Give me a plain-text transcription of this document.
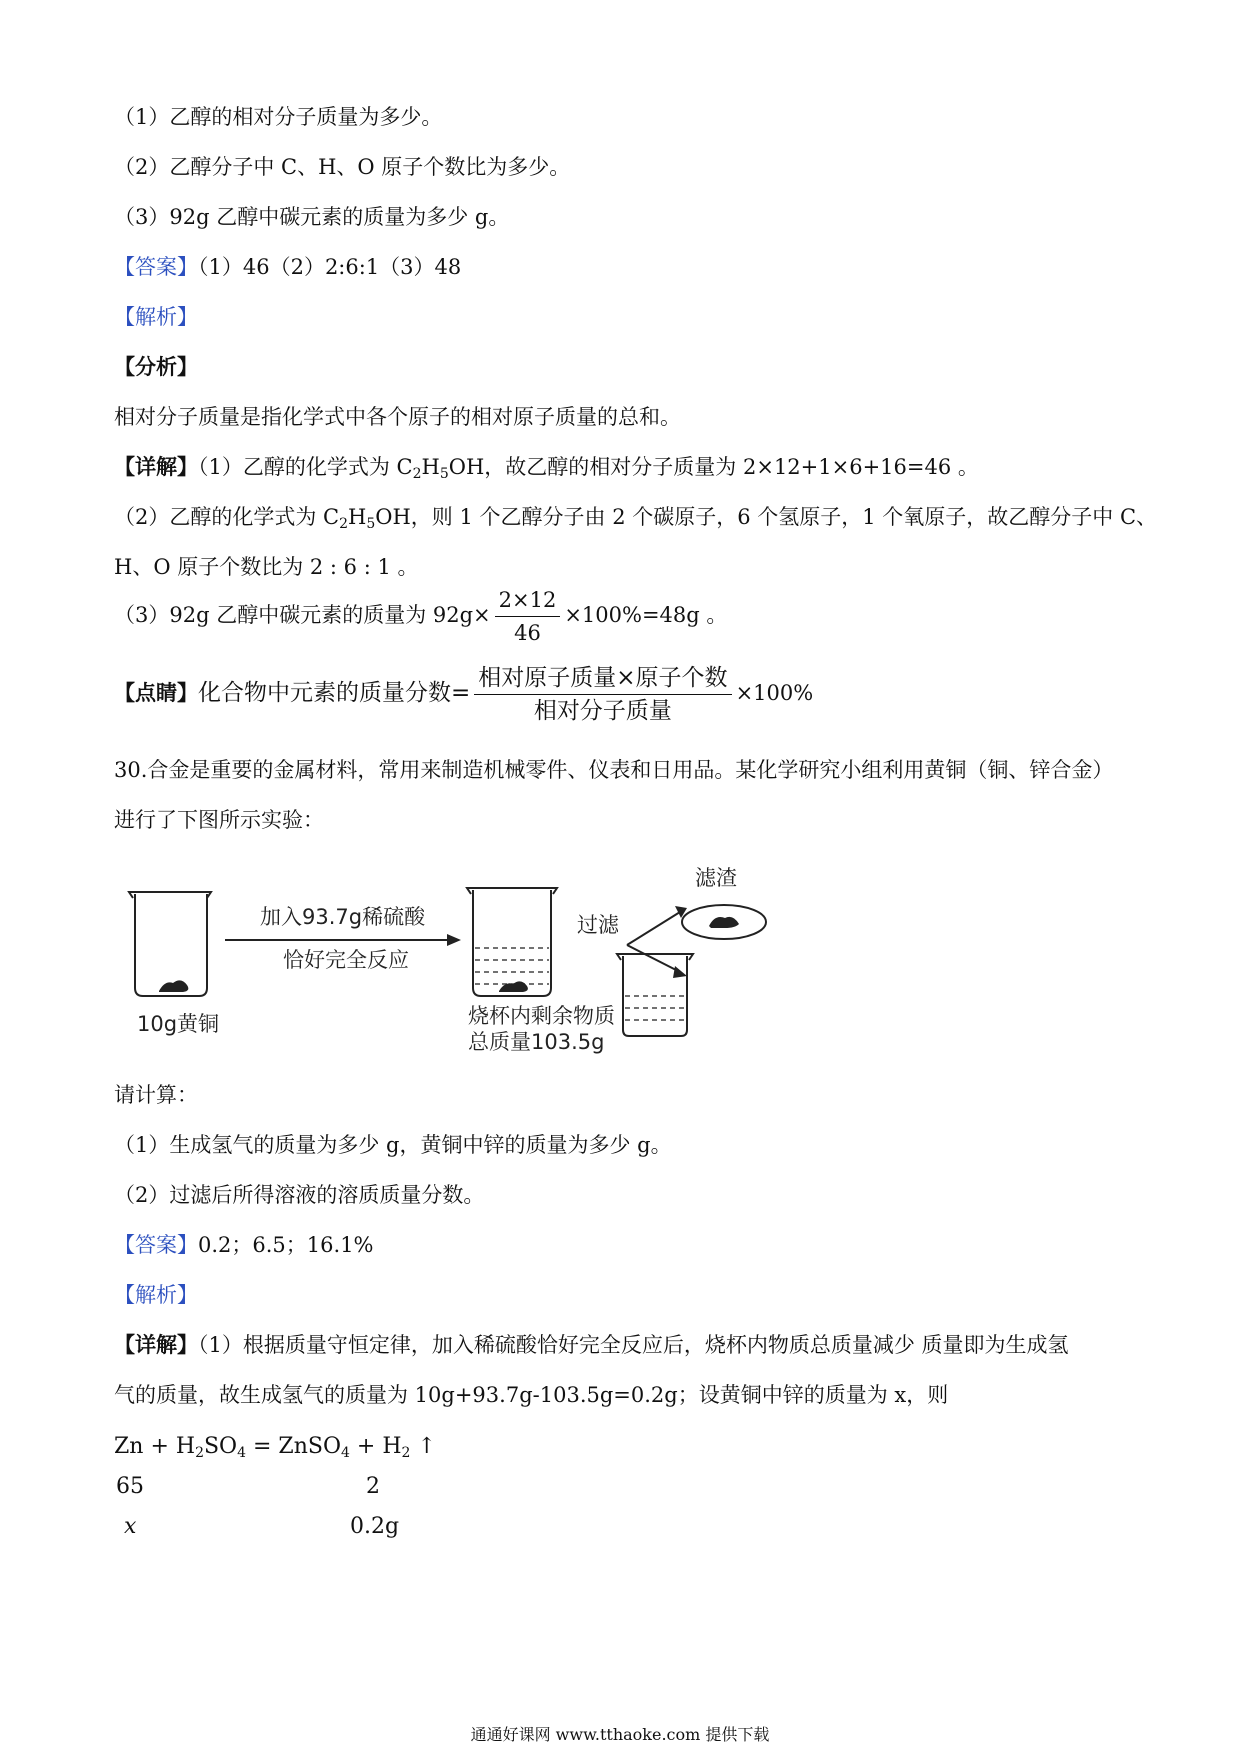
（1）乙醇的相对分子质量为多少。
（2）乙醇分子中 C、H、O 原子个数比为多少。
（3）92g 乙醇中碳元素的质量为多少 g。
【答案】（1）46（2）2:6:1（3）48
【解析】
【分析】
相对分子质量是指化学式中各个原子的相对原子质量的总和。
【详解】（1）乙醇的化学式为 $C_2H_5OH$，故乙醇的相对分子质量为 2×12+1×6+16=46 。
（2）乙醇的化学式为 $C_2H_5OH$，则 1 个乙醇分子由 2 个碳原子，6 个氢原子，1 个氧原子，故乙醇分子中 C、
H、O 原子个数比为 2 : 6 : 1 。
（3）92g 乙醇中碳元素的质量为 $92g\times \frac{2\times 12}{46} \times 100\%=48g$ 。
【点睛】化合物中元素的质量分数= $\frac{\text{相对原子质量×原子个数}}{\text{相对分子质量}} \times 100\%$
30.合金是重要的金属材料，常用来制造机械零件、仪表和日用品。某化学研究小组利用黄铜（铜、锌合金）
进行了下图所示实验：
10g黄铜
加入93.7g稀硫酸
恰好完全反应
烧杯内剩余物质
总质量103.5g
过滤
滤渣
请计算：
（1）生成氢气的质量为多少 g，黄铜中锌的质量为多少 g。
（2）过滤后所得溶液的溶质质量分数。
【答案】0.2；6.5；16.1%
【解析】
【详解】（1）根据质量守恒定律，加入稀硫酸恰好完全反应后，烧杯内物质总质量减少 质量即为生成氢
气的质量，故生成氢气的质量为 10g+93.7g-103.5g=0.2g；设黄铜中锌的质量为 x，则
$Zn + H_2SO_4$ = ZnSO$_4$ + $H_2$ ↑
65	2
x	0.2g
通通好课网 www.tthaoke.com 提供下载
